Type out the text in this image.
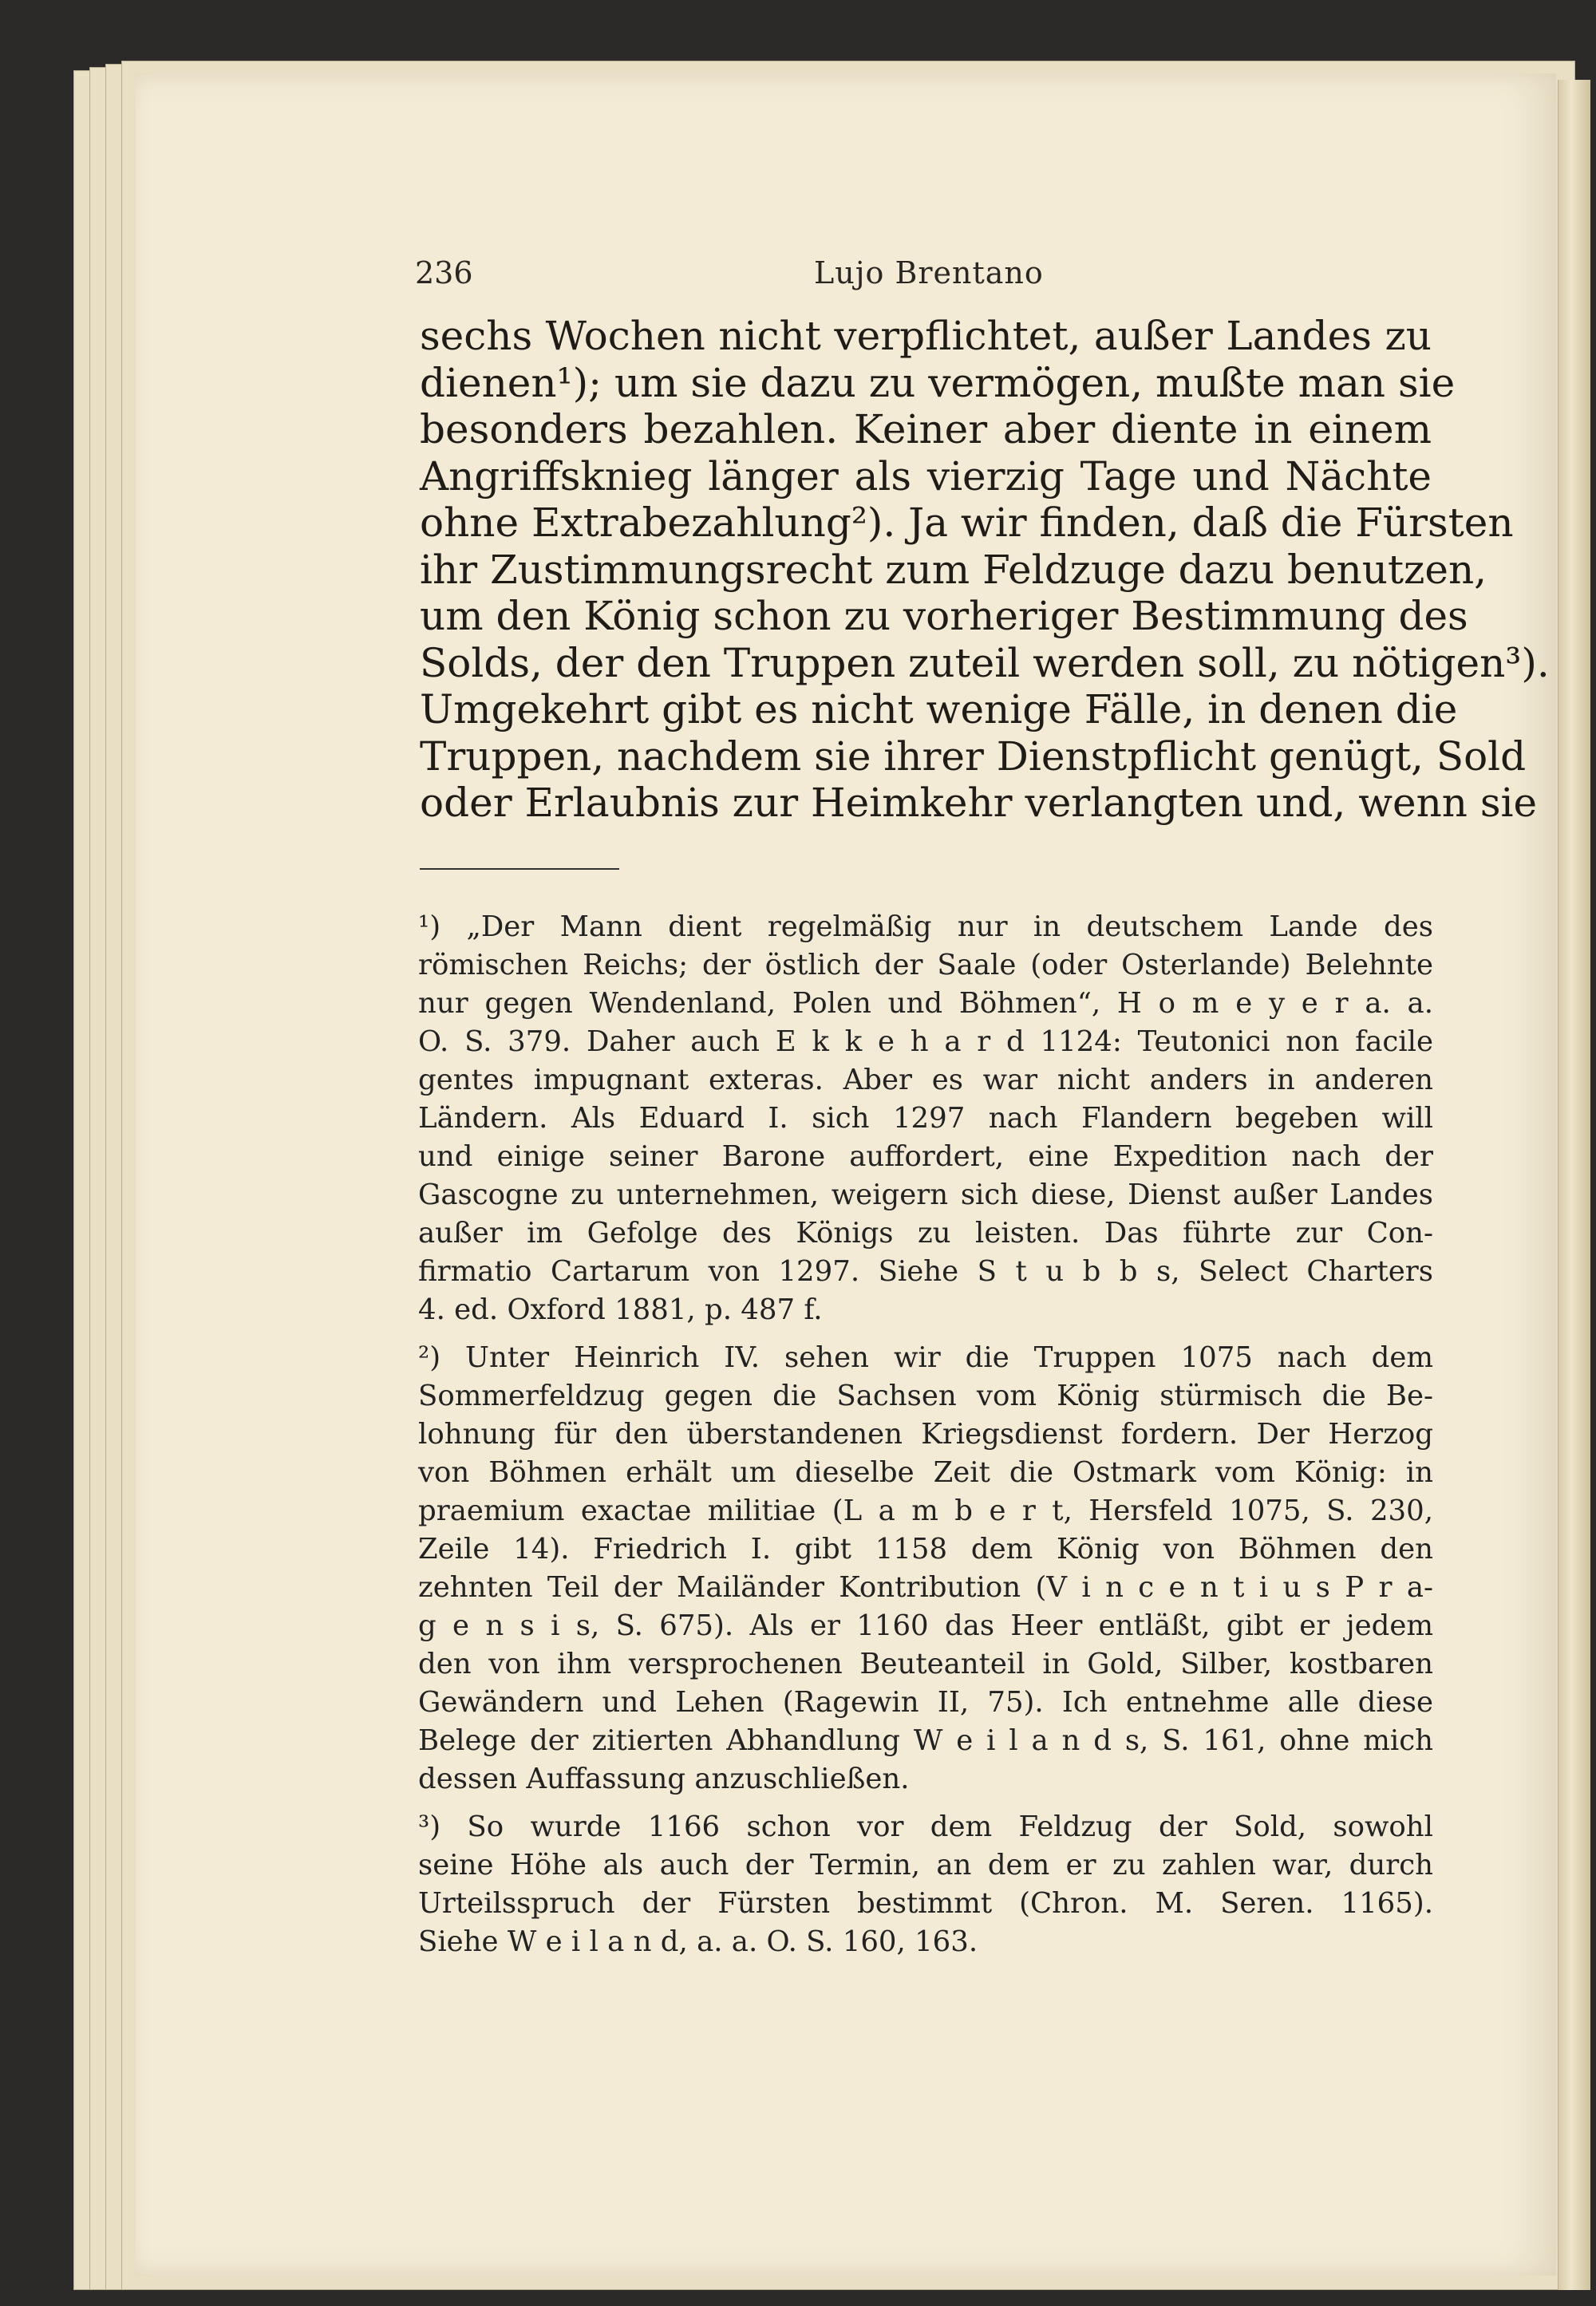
236	Lujo Brentano
sechs Wochen nicht verpflichtet, außer Landes zu
dienen¹); um sie dazu zu vermögen, mußte man sie
besonders bezahlen. Keiner aber diente in einem
Angriffsknieg länger als vierzig Tage und Nächte
ohne Extrabezahlung²). Ja wir finden, daß die Fürsten
ihr Zustimmungsrecht zum Feldzuge dazu benutzen,
um den König schon zu vorheriger Bestimmung des
Solds, der den Truppen zuteil werden soll, zu nötigen³).
Umgekehrt gibt es nicht wenige Fälle, in denen die
Truppen, nachdem sie ihrer Dienstpflicht genügt, Sold
oder Erlaubnis zur Heimkehr verlangten und, wenn sie
¹) „Der Mann dient regelmäßig nur in deutschem Lande des
römischen Reichs; der östlich der Saale (oder Osterlande) Belehnte
nur gegen Wendenland, Polen und Böhmen“, H o m e y e r a. a.
O. S. 379. Daher auch E k k e h a r d 1124: Teutonici non facile
gentes impugnant exteras. Aber es war nicht anders in anderen
Ländern. Als Eduard I. sich 1297 nach Flandern begeben will
und einige seiner Barone auffordert, eine Expedition nach der
Gascogne zu unternehmen, weigern sich diese, Dienst außer Landes
außer im Gefolge des Königs zu leisten. Das führte zur Con-
firmatio Cartarum von 1297. Siehe S t u b b s, Select Charters
4. ed. Oxford 1881, p. 487 f.
²) Unter Heinrich IV. sehen wir die Truppen 1075 nach dem
Sommerfeldzug gegen die Sachsen vom König stürmisch die Be-
lohnung für den überstandenen Kriegsdienst fordern. Der Herzog
von Böhmen erhält um dieselbe Zeit die Ostmark vom König: in
praemium exactae militiae (L a m b e r t, Hersfeld 1075, S. 230,
Zeile 14). Friedrich I. gibt 1158 dem König von Böhmen den
zehnten Teil der Mailänder Kontribution (V i n c e n t i u s P r a-
g e n s i s, S. 675). Als er 1160 das Heer entläßt, gibt er jedem
den von ihm versprochenen Beuteanteil in Gold, Silber, kostbaren
Gewändern und Lehen (Ragewin II, 75). Ich entnehme alle diese
Belege der zitierten Abhandlung W e i l a n d s, S. 161, ohne mich
dessen Auffassung anzuschließen.
³) So wurde 1166 schon vor dem Feldzug der Sold, sowohl
seine Höhe als auch der Termin, an dem er zu zahlen war, durch
Urteilsspruch der Fürsten bestimmt (Chron. M. Seren. 1165).
Siehe W e i l a n d, a. a. O. S. 160, 163.
